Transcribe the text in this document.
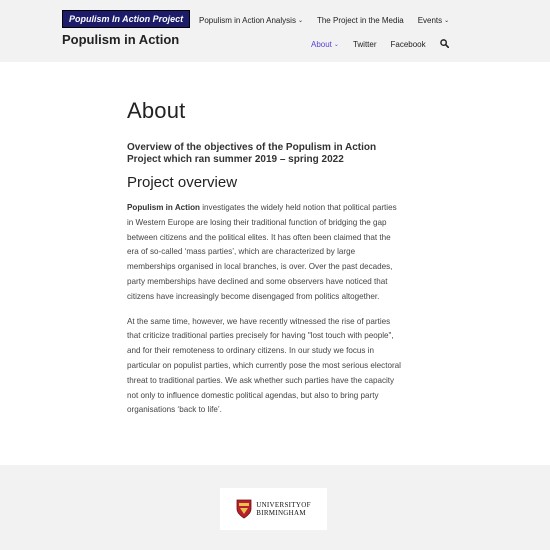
Populism In Action Project
Populism in Action
Populism in Action Analysis ⌄ The Project in the Media Events ⌄
About ⌄ Twitter Facebook
About
Overview of the objectives of the Populism in Action Project which ran summer 2019 – spring 2022
Project overview

Populism in Action investigates the widely held notion that political parties in Western Europe are losing their traditional function of bridging the gap between citizens and the political elites. It has often been claimed that the era of so-called ‘mass parties’, which are characterized by large memberships organised in local branches, is over. Over the past decades, party memberships have declined and some observers have noticed that citizens have increasingly become disengaged from politics altogether.

At the same time, however, we have recently witnessed the rise of parties that criticize traditional parties precisely for having "lost touch with people", and for their remoteness to ordinary citizens. In our study we focus in particular on populist parties, which currently pose the most serious electoral threat to traditional parties. We ask whether such parties have the capacity not only to influence domestic political agendas, but also to bring party organisations ‘back to life’.

UNIVERSITYOF
BIRMINGHAM
